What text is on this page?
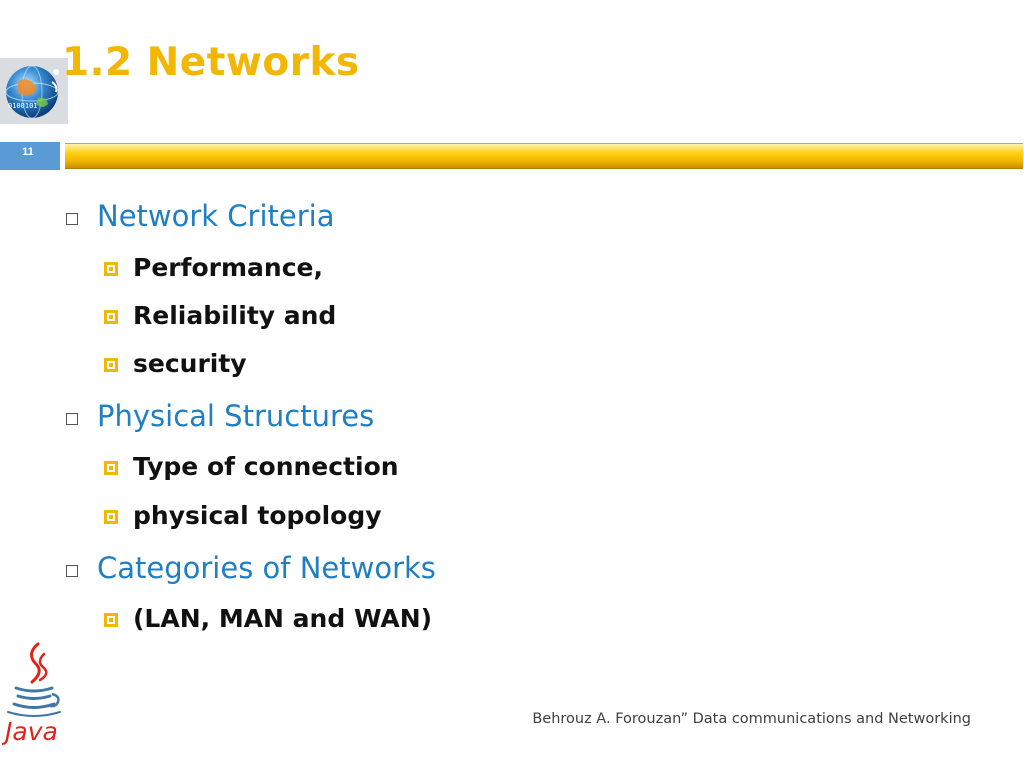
0100101
1.2 Networks
11
Network Criteria
Performance,
Reliability and
security
Physical Structures
Type of connection
physical topology
Categories of Networks
(LAN, MAN and WAN)
Java	Behrouz A. Forouzan” Data communications and Networking
